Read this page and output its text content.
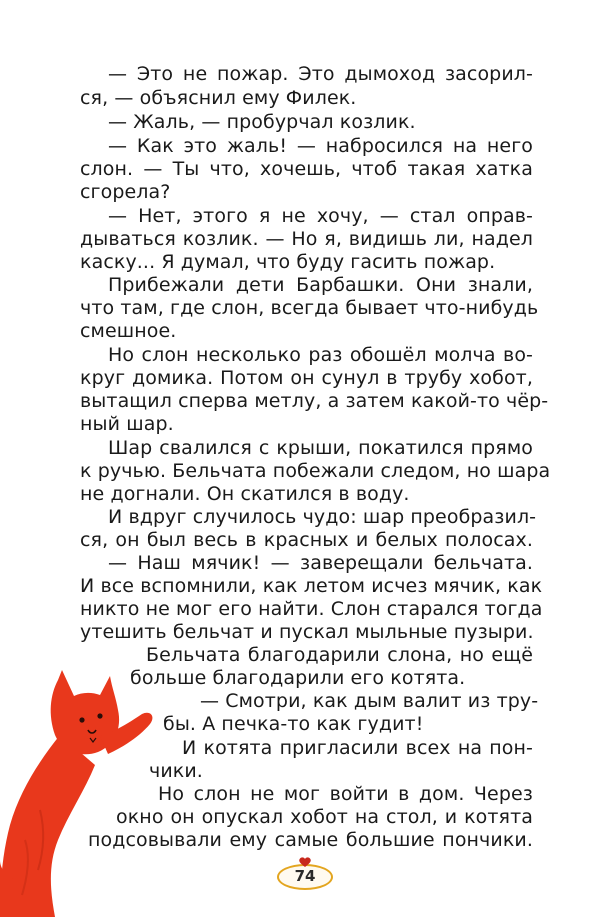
— Это не пожар. Это дымоход засорил-
ся, — объяснил ему Филек.
— Жаль, — пробурчал козлик.
— Как это жаль! — набросился на него
слон. — Ты что, хочешь, чтоб такая хатка
сгорела?
— Нет, этого я не хочу, — стал оправ-
дываться козлик. — Но я, видишь ли, надел
каску... Я думал, что буду гасить пожар.
Прибежали дети Барбашки. Они знали,
что там, где слон, всегда бывает что-нибудь
смешное.
Но слон несколько раз обошёл молча во-
круг домика. Потом он сунул в трубу хобот,
вытащил сперва метлу, а затем какой-то чёр-
ный шар.
Шар свалился с крыши, покатился прямо
к ручью. Бельчата побежали следом, но шара
не догнали. Он скатился в воду.
И вдруг случилось чудо: шар преобразил-
ся, он был весь в красных и белых полосах.
— Наш мячик! — заверещали бельчата.
И все вспомнили, как летом исчез мячик, как
никто не мог его найти. Слон старался тогда
утешить бельчат и пускал мыльные пузыри.
Бельчата благодарили слона, но ещё
больше благодарили его котята.
— Смотри, как дым валит из тру-
бы. А печка-то как гудит!
И котята пригласили всех на пон-
чики.
Но слон не мог войти в дом. Через
окно он опускал хобот на стол, и котята
подсовывали ему самые большие пончики.
74
